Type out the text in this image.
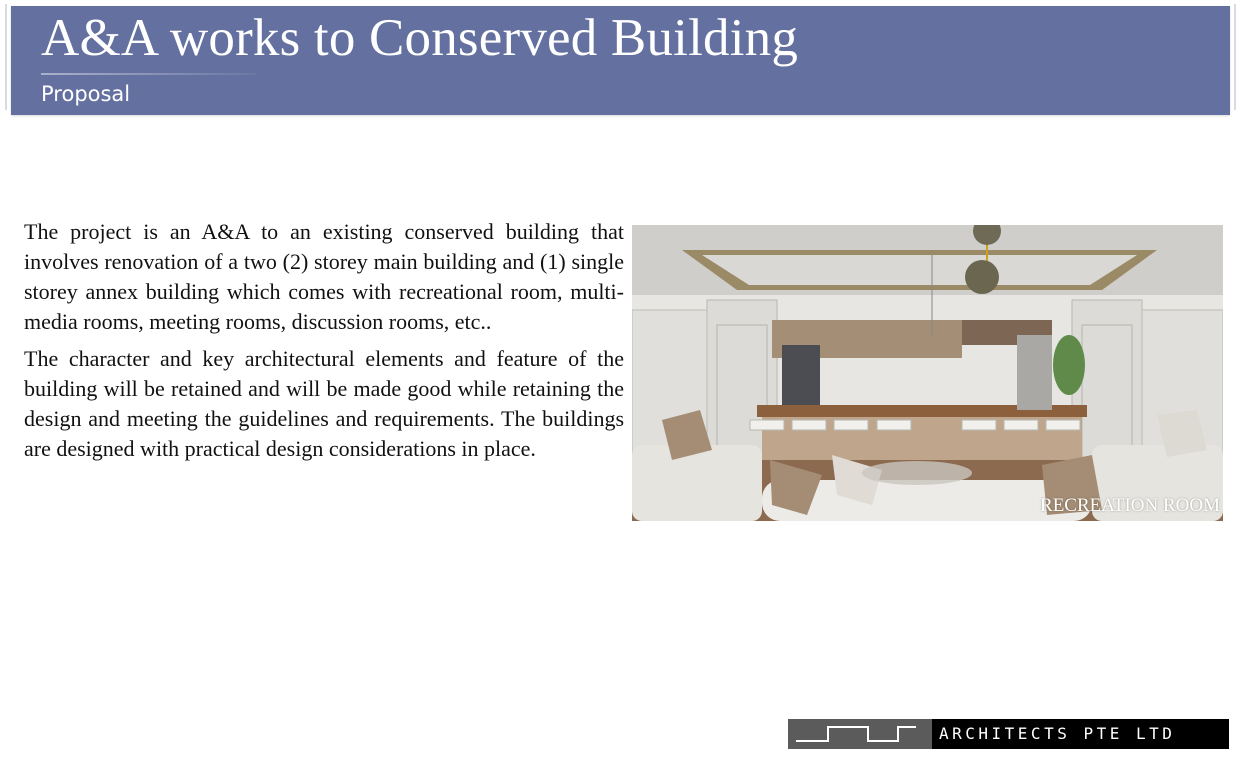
A&A works to Conserved Building
Proposal

The project is an A&A to an existing conserved building that involves renovation of a two (2) storey main building and (1) single storey annex building which comes with recreational room, multi-media rooms, meeting rooms, discussion rooms, etc..

The character and key architectural elements and feature of the building will be retained and will be made good while retaining the design and meeting the guidelines and requirements. The buildings are designed with practical design considerations in place.

RECREATION ROOM
ARCHITECTS PTE LTD
